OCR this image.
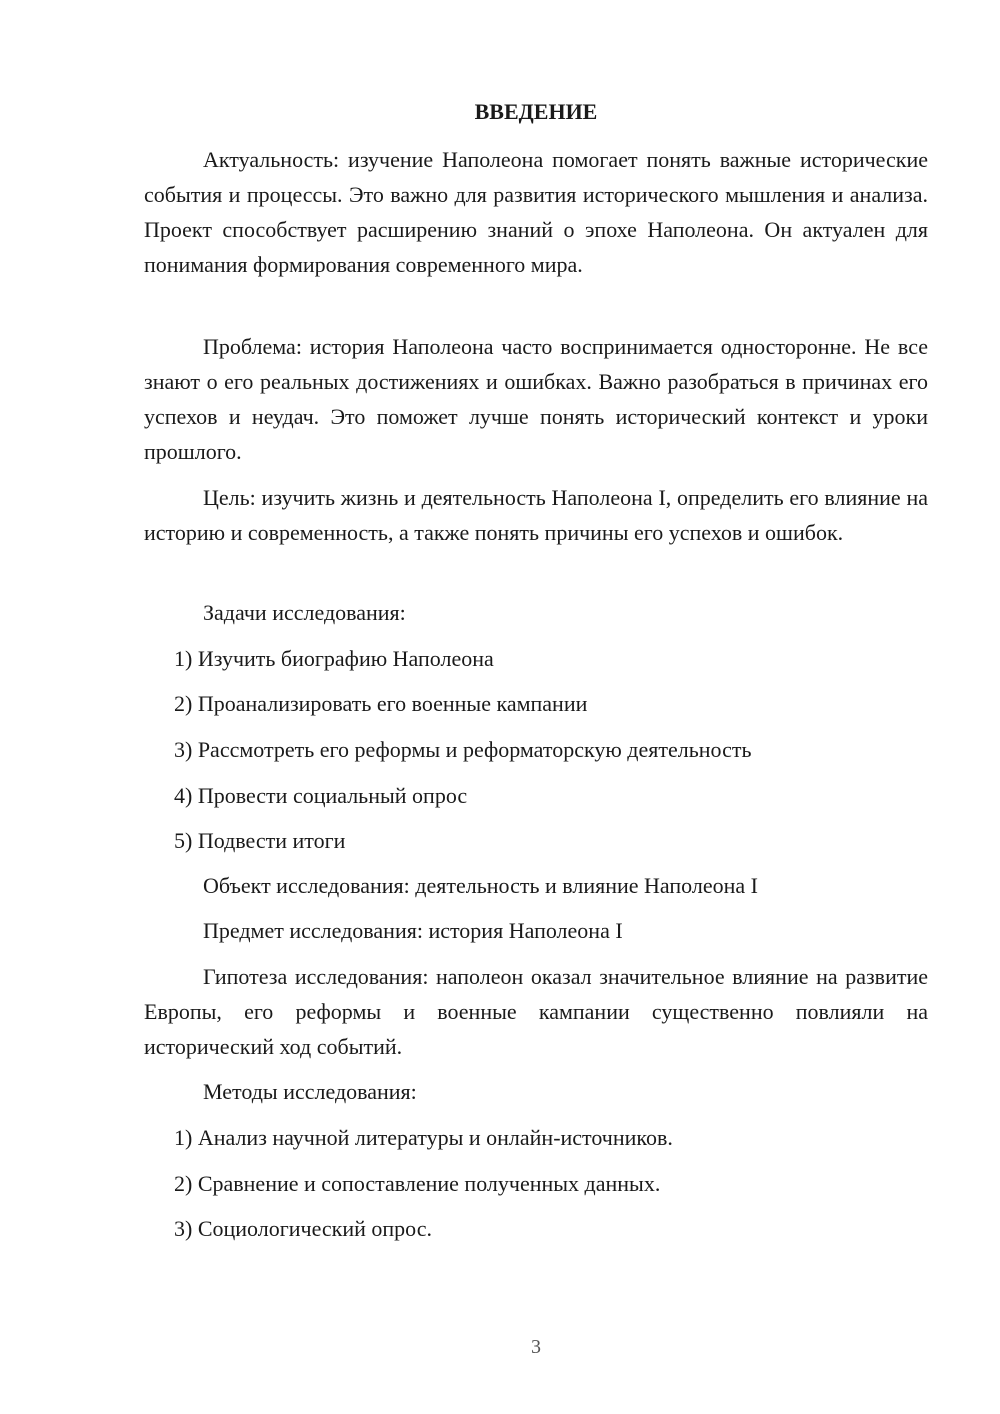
ВВЕДЕНИЕ

Актуальность: изучение Наполеона помогает понять важные исторические события и процессы. Это важно для развития исторического мышления и анализа. Проект способствует расширению знаний о эпохе Наполеона. Он актуален для понимания формирования современного мира.

Проблема: история Наполеона часто воспринимается односторонне. Не все знают о его реальных достижениях и ошибках. Важно разобраться в причинах его успехов и неудач. Это поможет лучше понять исторический контекст и уроки прошлого.

Цель: изучить жизнь и деятельность Наполеона I, определить его влияние на историю и современность, а также понять причины его успехов и ошибок.

Задачи исследования:

1) Изучить биографию Наполеона

2) Проанализировать его военные кампании

3) Рассмотреть его реформы и реформаторскую деятельность

4) Провести социальный опрос

5) Подвести итоги

Объект исследования: деятельность и влияние Наполеона I

Предмет исследования: история Наполеона I

Гипотеза исследования: наполеон оказал значительное влияние на развитие Европы, его реформы и военные кампании существенно повлияли на исторический ход событий.

Методы исследования:

1) Анализ научной литературы и онлайн-источников.

2) Сравнение и сопоставление полученных данных.

3) Социологический опрос.

3
